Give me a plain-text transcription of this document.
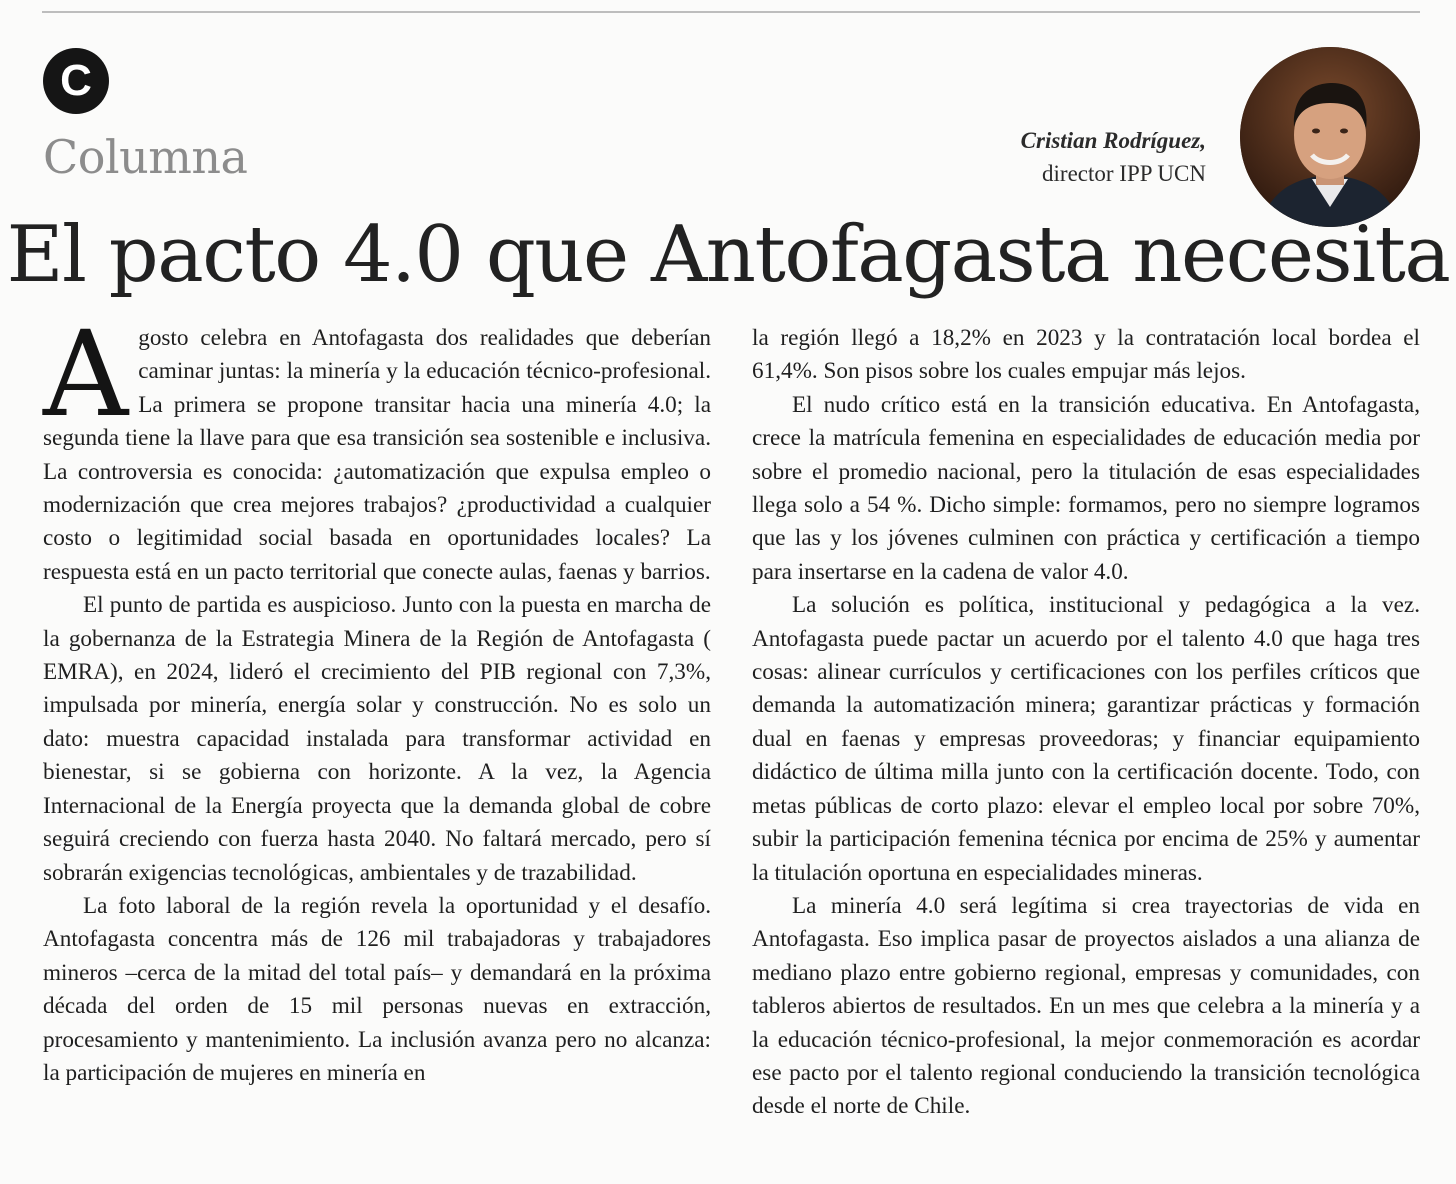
C
Columna	Cristian Rodríguez,
director IPP UCN
El pacto 4.0 que Antofagasta necesita

Agosto celebra en Antofagasta dos realidades que deberían caminar juntas: la minería y la educación técnico-profesional. La primera se propone transitar hacia una minería 4.0; la segunda tiene la llave para que esa transición sea sostenible e inclusiva. La controversia es conocida: ¿automatización que expulsa empleo o modernización que crea mejores trabajos? ¿productividad a cualquier costo o legitimidad social basada en oportunidades locales? La respuesta está en un pacto territorial que conecte aulas, faenas y barrios.

El punto de partida es auspicioso. Junto con la puesta en marcha de la gobernanza de la Estrategia Minera de la Región de Antofagasta ( EMRA), en 2024, lideró el crecimiento del PIB regional con 7,3%, impulsada por minería, energía solar y construcción. No es solo un dato: muestra capacidad instalada para transformar actividad en bienestar, si se gobierna con horizonte. A la vez, la Agencia Internacional de la Energía proyecta que la demanda global de cobre seguirá creciendo con fuerza hasta 2040. No faltará mercado, pero sí sobrarán exigencias tecnológicas, ambientales y de trazabilidad.

La foto laboral de la región revela la oportunidad y el desafío. Antofagasta concentra más de 126 mil trabajadoras y trabajadores mineros –cerca de la mitad del total país– y demandará en la próxima década del orden de 15 mil personas nuevas en extracción, procesamiento y mantenimiento. La inclusión avanza pero no alcanza: la participación de mujeres en minería en

la región llegó a 18,2% en 2023 y la contratación local bordea el 61,4%. Son pisos sobre los cuales empujar más lejos.

El nudo crítico está en la transición educativa. En Antofagasta, crece la matrícula femenina en especialidades de educación media por sobre el promedio nacional, pero la titulación de esas especialidades llega solo a 54 %. Dicho simple: formamos, pero no siempre logramos que las y los jóvenes culminen con práctica y certificación a tiempo para insertarse en la cadena de valor 4.0.

La solución es política, institucional y pedagógica a la vez. Antofagasta puede pactar un acuerdo por el talento 4.0 que haga tres cosas: alinear currículos y certificaciones con los perfiles críticos que demanda la automatización minera; garantizar prácticas y formación dual en faenas y empresas proveedoras; y financiar equipamiento didáctico de última milla junto con la certificación docente. Todo, con metas públicas de corto plazo: elevar el empleo local por sobre 70%, subir la participación femenina técnica por encima de 25% y aumentar la titulación oportuna en especialidades mineras.

La minería 4.0 será legítima si crea trayectorias de vida en Antofagasta. Eso implica pasar de proyectos aislados a una alianza de mediano plazo entre gobierno regional, empresas y comunidades, con tableros abiertos de resultados. En un mes que celebra a la minería y a la educación técnico-profesional, la mejor conmemoración es acordar ese pacto por el talento regional conduciendo la transición tecnológica desde el norte de Chile.
